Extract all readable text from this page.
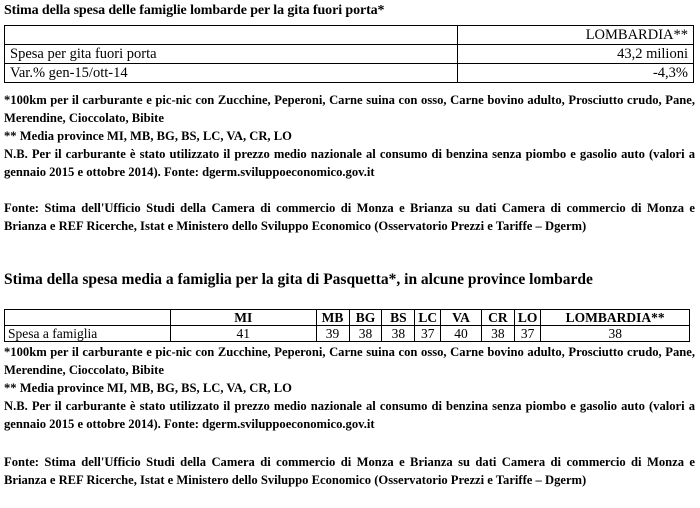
Stima della spesa delle famiglie lombarde per la gita fuori porta*
	LOMBARDIA**
Spesa per gita fuori porta	43,2 milioni
Var.% gen-15/ott-14	-4,3%
*100km per il carburante e pic-nic con Zucchine, Peperoni, Carne suina con osso, Carne bovino adulto, Prosciutto crudo, Pane, Merendine, Cioccolato, Bibite
** Media province MI, MB, BG, BS, LC, VA, CR, LO
N.B. Per il carburante è stato utilizzato il prezzo medio nazionale al consumo di benzina senza piombo e gasolio auto (valori a gennaio 2015 e ottobre 2014). Fonte: dgerm.sviluppoeconomico.gov.it
Fonte: Stima dell'Ufficio Studi della Camera di commercio di Monza e Brianza su dati Camera di commercio di Monza e Brianza e REF Ricerche, Istat e Ministero dello Sviluppo Economico (Osservatorio Prezzi e Tariffe – Dgerm)
Stima della spesa media a famiglia per la gita di Pasquetta*, in alcune province lombarde
	MI	MB	BG	BS	LC	VA	CR	LO	LOMBARDIA**
Spesa a famiglia	41	39	38	38	37	40	38	37	38
*100km per il carburante e pic-nic con Zucchine, Peperoni, Carne suina con osso, Carne bovino adulto, Prosciutto crudo, Pane, Merendine, Cioccolato, Bibite
** Media province MI, MB, BG, BS, LC, VA, CR, LO
N.B. Per il carburante è stato utilizzato il prezzo medio nazionale al consumo di benzina senza piombo e gasolio auto (valori a gennaio 2015 e ottobre 2014). Fonte: dgerm.sviluppoeconomico.gov.it
Fonte: Stima dell'Ufficio Studi della Camera di commercio di Monza e Brianza su dati Camera di commercio di Monza e Brianza e REF Ricerche, Istat e Ministero dello Sviluppo Economico (Osservatorio Prezzi e Tariffe – Dgerm)
